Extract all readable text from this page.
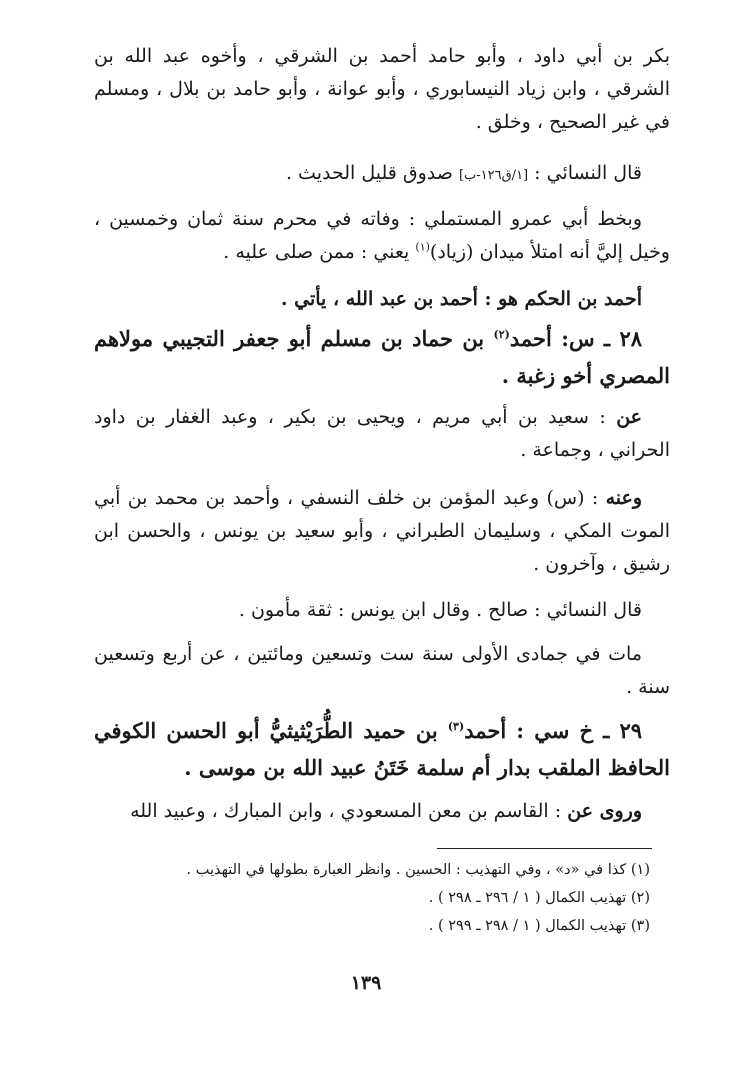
بكر بن أبي داود ، وأبو حامد أحمد بن الشرقي ، وأخوه عبد الله بن الشرقي ، وابن زياد النيسابوري ، وأبو عوانة ، وأبو حامد بن بلال ، ومسلم في غير الصحيح ، وخلق .

قال النسائي : [١/ق١٢٦-ب] صدوق قليل الحديث .

وبخط أبي عمرو المستملي : وفاته في محرم سنة ثمان وخمسين ، وخيل إليَّ أنه امتلأ ميدان (زياد)$^{(١)}$ يعني : ممن صلى عليه .

أحمد بن الحكم هو : أحمد بن عبد الله ، يأتي .

٢٨ ـ س: أحمد$^{(٢)}$ بن حماد بن مسلم أبو جعفر التجيبي مولاهم المصري أخو زغبة .

عن : سعيد بن أبي مريم ، ويحيى بن بكير ، وعبد الغفار بن داود الحراني ، وجماعة .

وعنه : (س) وعبد المؤمن بن خلف النسفي ، وأحمد بن محمد بن أبي الموت المكي ، وسليمان الطبراني ، وأبو سعيد بن يونس ، والحسن ابن رشيق ، وآخرون .

قال النسائي : صالح . وقال ابن يونس : ثقة مأمون .

مات في جمادى الأولى سنة ست وتسعين ومائتين ، عن أربع وتسعين سنة .

٢٩ ـ خ سي : أحمد$^{(٣)}$ بن حميد الطُّرَيْثيثيُّ أبو الحسن الكوفي الحافظ الملقب بدار أم سلمة خَتَنُ عبيد الله بن موسى .

وروى عن : القاسم بن معن المسعودي ، وابن المبارك ، وعبيد الله

(١) كذا في «د» ، وفي التهذيب : الحسين . وانظر العبارة بطولها في التهذيب .

(٢) تهذيب الكمال ( ١ / ٢٩٦ ـ ٢٩٨ ) .

(٣) تهذيب الكمال ( ١ / ٢٩٨ ـ ٢٩٩ ) .

١٣٩
